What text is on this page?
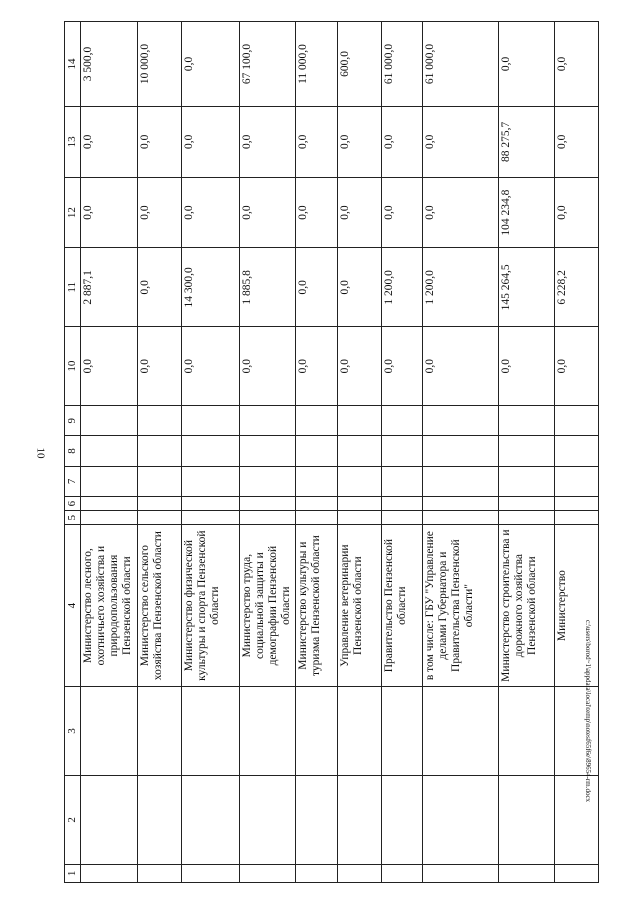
10
1	2	3	4	5	6	7	8	9	10	11	12	13	14
			Министерство лесного, охотничьего хозяйства и природопользования Пензенской области						0,0	2 887,1	0,0	0,0	3 500,0
			Министерство сельского хозяйства Пензенской области						0,0	0,0	0,0	0,0	10 000,0
			Министерство физической культуры и спорта Пензенской области						0,0	14 300,0	0,0	0,0	0,0
			Министерство труда, социальной защиты и демографии Пензенской области						0,0	1 885,8	0,0	0,0	67 100,0
			Министерство культуры и туризма Пензенской области						0,0	0,0	0,0	0,0	11 000,0
			Управление ветеринарии Пензенской области						0,0	0,0	0,0	0,0	600,0
			Правительство Пензенской области						0,0	1 200,0	0,0	0,0	61 000,0
			в том числе: ГБУ "Управление делами Губернатора и Правительства Пензенской области"						0,0	1 200,0	0,0	0,0	61 000,0
			Министерство строительства и дорожного хозяйства Пензенской области						0,0	145 264,5	104 234,8	88 275,7	0,0
			Министерство						0,0	6 228,2	0,0	0,0	0,0
c:\users\borod~1\appdata\local\temp\notesf65f6e\89654-rm.docx
